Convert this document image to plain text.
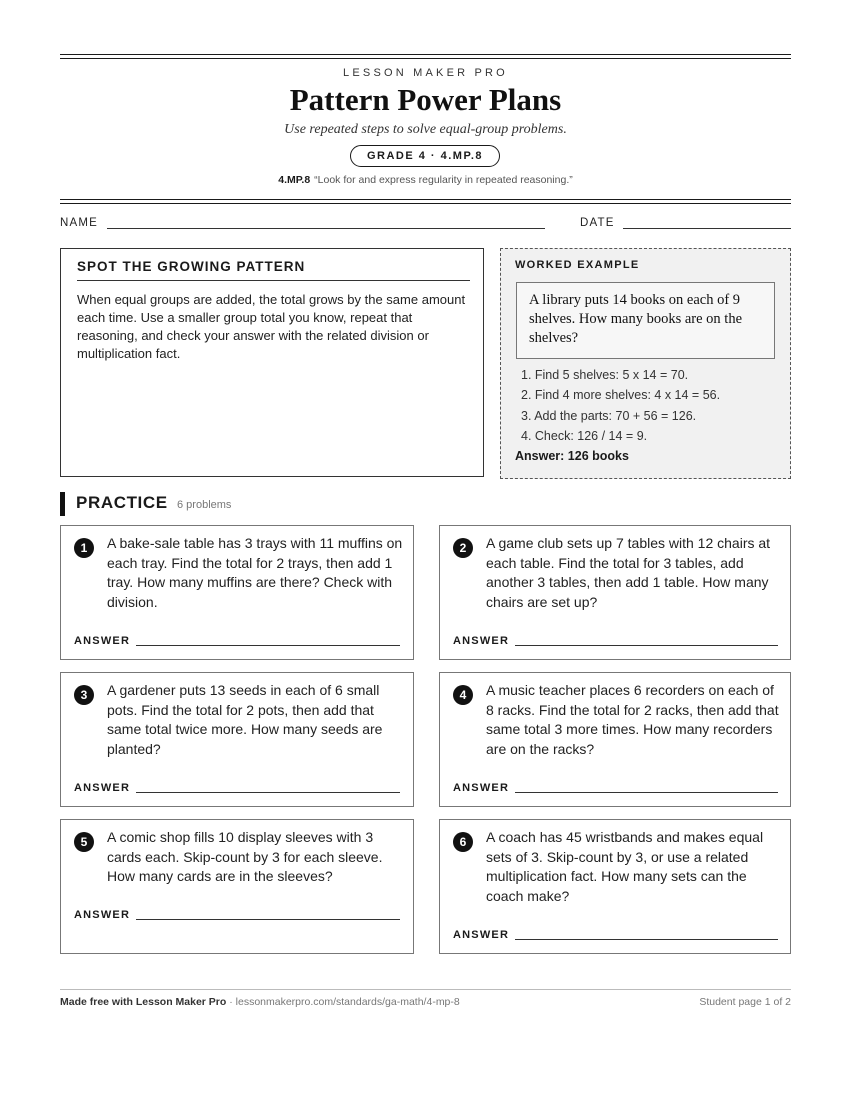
LESSON MAKER PRO
Pattern Power Plans
Use repeated steps to solve equal-group problems.
GRADE 4 · 4.MP.8
4.MP.8 “Look for and express regularity in repeated reasoning.”
NAME	DATE
SPOT THE GROWING PATTERN
When equal groups are added, the total grows by the same amount each time. Use a smaller group total you know, repeat that reasoning, and check your answer with the related division or multiplication fact.
WORKED EXAMPLE
A library puts 14 books on each of 9 shelves. How many books are on the shelves?
1. Find 5 shelves: 5 x 14 = 70.
2. Find 4 more shelves: 4 x 14 = 56.
3. Add the parts: 70 + 56 = 126.
4. Check: 126 / 14 = 9.
Answer: 126 books
PRACTICE 6 problems
1	A bake-sale table has 3 trays with 11 muffins on each tray. Find the total for 2 trays, then add 1 tray. How many muffins are there? Check with division.
ANSWER
2	A game club sets up 7 tables with 12 chairs at each table. Find the total for 3 tables, add another 3 tables, then add 1 table. How many chairs are set up?
ANSWER
3	A gardener puts 13 seeds in each of 6 small pots. Find the total for 2 pots, then add that same total twice more. How many seeds are planted?
ANSWER
4	A music teacher places 6 recorders on each of 8 racks. Find the total for 2 racks, then add that same total 3 more times. How many recorders are on the racks?
ANSWER
5	A comic shop fills 10 display sleeves with 3 cards each. Skip-count by 3 for each sleeve. How many cards are in the sleeves?
ANSWER
6	A coach has 45 wristbands and makes equal sets of 3. Skip-count by 3, or use a related multiplication fact. How many sets can the coach make?
ANSWER
Made free with Lesson Maker Pro · lessonmakerpro.com/standards/ga-math/4-mp-8	Student page 1 of 2
